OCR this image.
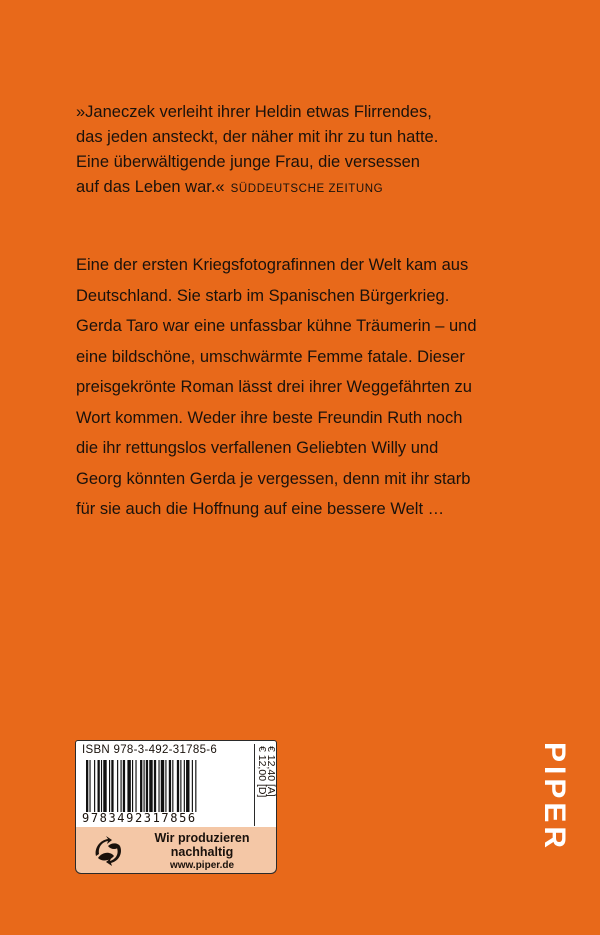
»Janeczek verleiht ihrer Heldin etwas Flirrendes,
das jeden ansteckt, der näher mit ihr zu tun hatte.
Eine überwältigende junge Frau, die versessen
auf das Leben war.« SÜDDEUTSCHE ZEITUNG
Eine der ersten Kriegsfotografinnen der Welt kam aus
Deutschland. Sie starb im Spanischen Bürgerkrieg.
Gerda Taro war eine unfassbar kühne Träumerin – und
eine bildschöne, umschwärmte Femme fatale. Dieser
preisgekrönte Roman lässt drei ihrer Weggefährten zu
Wort kommen. Weder ihre beste Freundin Ruth noch
die ihr rettungslos verfallenen Geliebten Willy und
Georg könnten Gerda je vergessen, denn mit ihr starb
für sie auch die Hoffnung auf eine bessere Welt …
ISBN 978-3-492-31785-6
9783492317856
€ 12,00 [D]
€ 12,40 [A]
Wir produzieren
nachhaltig
www.piper.de
PIPER
